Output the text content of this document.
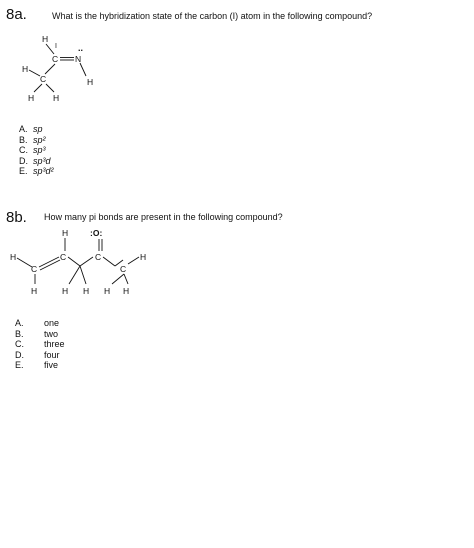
8a.	What is the hybridization state of the carbon (I) atom in the following compound?
H
I ..
C N
H
C
H
H H
A. sp
B. sp²
C. sp³
D. sp³d
E. sp³d²
8b. How many pi bonds are present in the following compound?
H	:O:
H
C
C	C
C
H
H	H H H H
A. one
B. two
C. three
D. four
E. five
